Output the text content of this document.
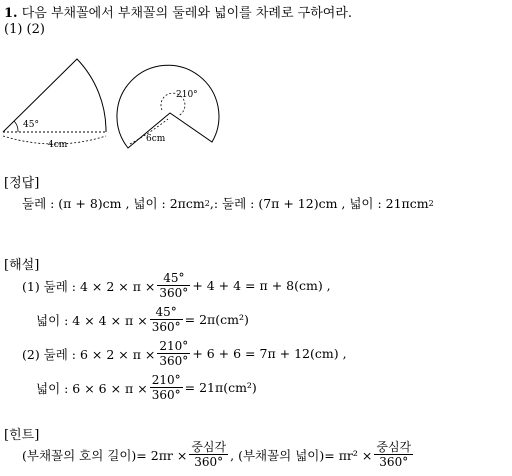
1. 다음 부채꼴에서 부채꼴의 둘레와 넓이를 차례로 구하여라.
(1) (2)
45°
4cm
210°
6cm
[정답]
둘레 : (π + 8)cm , 넓이 : 2πcm 2 ,: 둘레 : (7π + 12)cm , 넓이 : 21πcm 2
[해설]
(1) 둘레 : $4 \times 2 \times \pi \times \frac{45^\circ}{360^\circ} + 4 + 4 = \pi + 8(cm)$ ,
넓이 : $4 \times 4 \times \pi \times \frac{45^\circ}{360^\circ} = 2\pi(cm^2)$
(2) 둘레 : $6 \times 2 \times \pi \times \frac{210^\circ}{360^\circ} + 6 + 6 = 7\pi + 12(cm)$ ,
넓이 : $6 \times 6 \times \pi \times \frac{210^\circ}{360^\circ} = 21\pi(cm^2)$
[힌트]
(부채꼴의 호의 길이)= $2\pi r \times \frac{\text{중심각}}{360^\circ}$ , (부채꼴의 넓이)= $\pi r^2 \times \frac{\text{중심각}}{360^\circ}$
